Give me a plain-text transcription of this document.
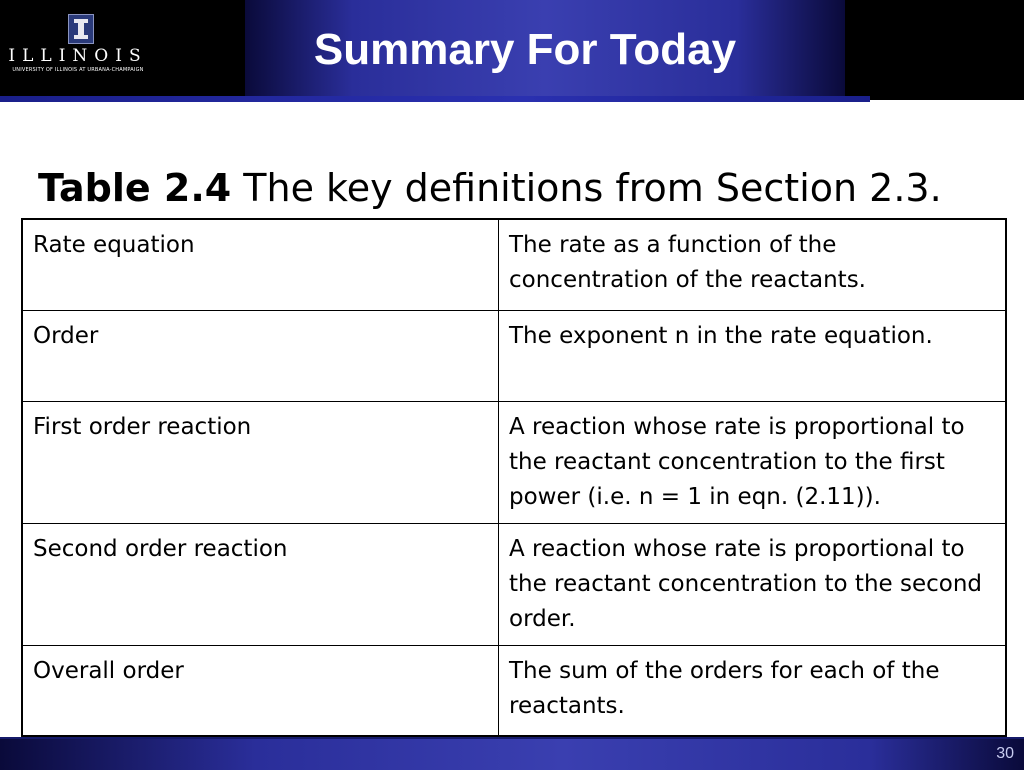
ILLINOIS
UNIVERSITY OF ILLINOIS AT URBANA-CHAMPAIGN	Summary For Today
Table 2.4 The key definitions from Section 2.3.
Rate equation	The rate as a function of the concentration of the reactants.
Order	The exponent n in the rate equation.
First order reaction	A reaction whose rate is proportional to the reactant concentration to the first power (i.e. n = 1 in eqn. (2.11)).
Second order reaction	A reaction whose rate is proportional to the reactant concentration to the second order.
Overall order	The sum of the orders for each of the reactants.
30
